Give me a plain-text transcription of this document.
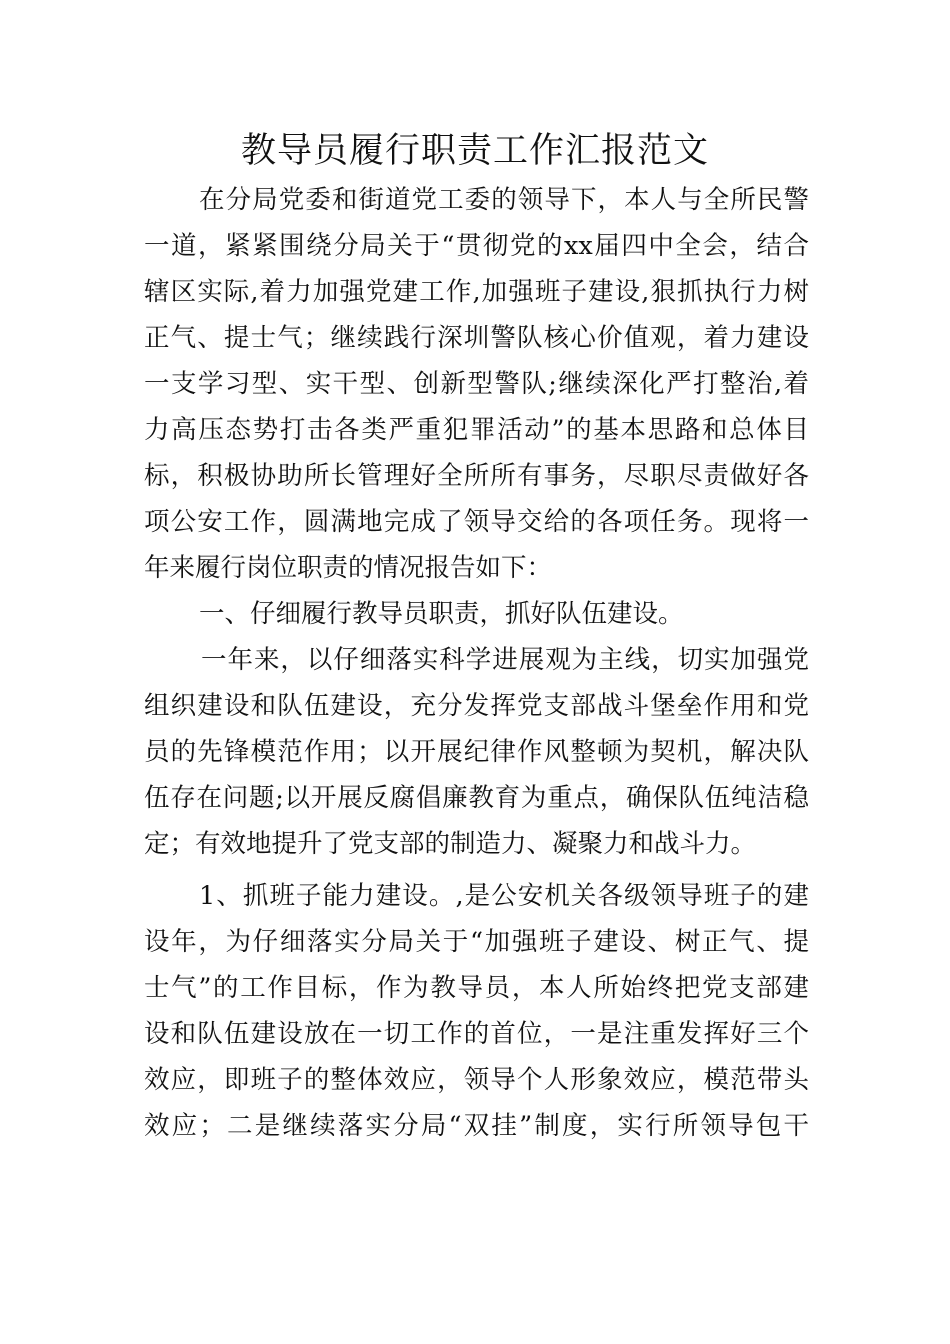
教导员履行职责工作汇报范文
在分局党委和街道党工委的领导下，本人与全所民警
一道，紧紧围绕分局关于“贯彻党的xx届四中全会，结合
辖区实际,着力加强党建工作,加强班子建设,狠抓执行力树
正气、提士气；继续践行深圳警队核心价值观，着力建设
一支学习型、实干型、创新型警队;继续深化严打整治,着
力高压态势打击各类严重犯罪活动”的基本思路和总体目
标，积极协助所长管理好全所所有事务，尽职尽责做好各
项公安工作，圆满地完成了领导交给的各项任务。现将一
年来履行岗位职责的情况报告如下：
一、仔细履行教导员职责，抓好队伍建设。
一年来，以仔细落实科学进展观为主线，切实加强党
组织建设和队伍建设，充分发挥党支部战斗堡垒作用和党
员的先锋模范作用；以开展纪律作风整顿为契机，解决队
伍存在问题;以开展反腐倡廉教育为重点，确保队伍纯洁稳
定；有效地提升了党支部的制造力、凝聚力和战斗力。
1、抓班子能力建设。,是公安机关各级领导班子的建
设年，为仔细落实分局关于“加强班子建设、树正气、提
士气”的工作目标，作为教导员，本人所始终把党支部建
设和队伍建设放在一切工作的首位，一是注重发挥好三个
效应，即班子的整体效应，领导个人形象效应，模范带头
效应；二是继续落实分局“双挂”制度，实行所领导包干
